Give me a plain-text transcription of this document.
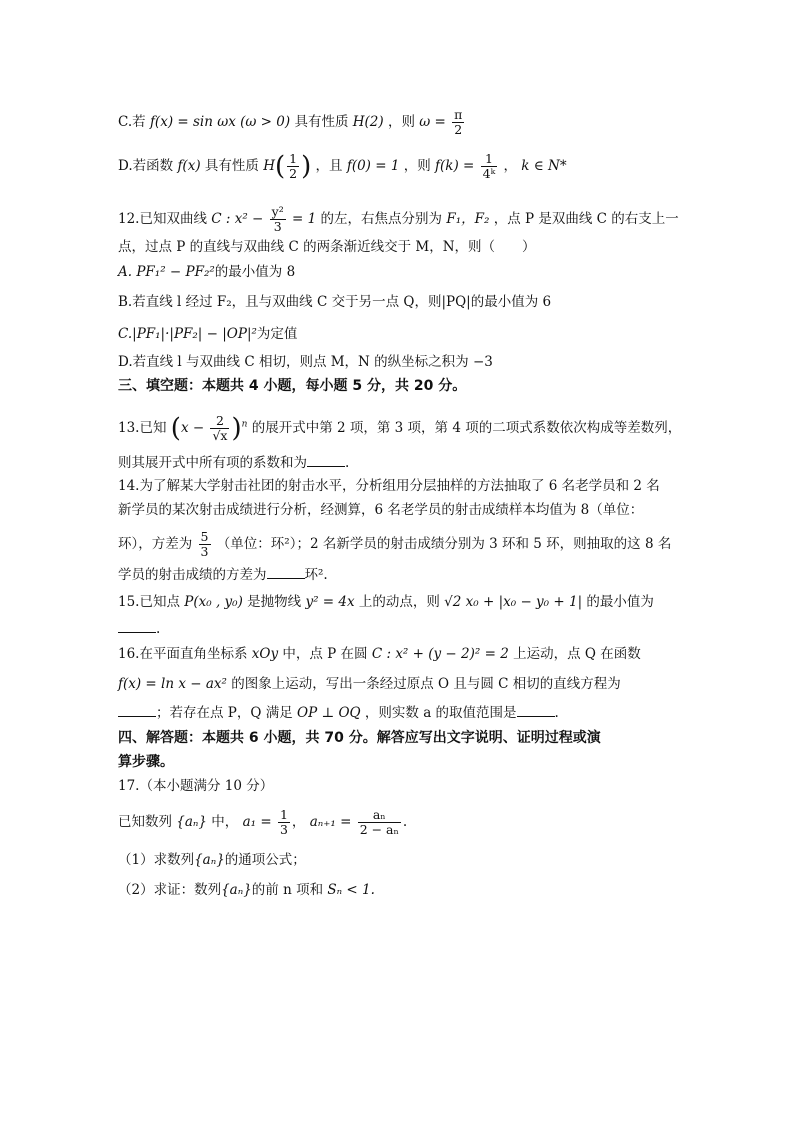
C.若 f(x) = sin ωx (ω > 0) 具有性质 H(2) ，则 $\omega = \frac{\pi}{2}$
D.若函数 f(x) 具有性质 $H( \frac{1}{2}$ ) ，且 f(0) = 1 ，则 $f(k) = \frac{1}{\text{4ᵏ}}$ ， k ∈ N*
12.已知双曲线 C : $x^2 - \frac{\text{y²}}{3} = 1$ 的左，右焦点分别为 F₁，F₂ ，点 P 是双曲线 C 的右支上一
点，过点 P 的直线与双曲线 C 的两条渐近线交于 M，N，则（　　）
A. PF₁² − PF₂²的最小值为 8
B.若直线 l 经过 F₂，且与双曲线 C 交于另一点 Q，则|PQ|的最小值为 6
C.|PF₁|·|PF₂| − |OP|²为定值
D.若直线 l 与双曲线 C 相切，则点 M，N 的纵坐标之积为 −3
三、填空题：本题共 4 小题，每小题 5 分，共 20 分。
13.已知 $(x - \frac{2}{√x} )^n$ 的展开式中第 2 项，第 3 项，第 4 项的二项式系数依次构成等差数列，
则其展开式中所有项的系数和为	.
14.为了解某大学射击社团的射击水平，分析组用分层抽样的方法抽取了 6 名老学员和 2 名
新学员的某次射击成绩进行分析，经测算，6 名老学员的射击成绩样本均值为 8（单位：
环），方差为 $\frac{5}{3}$ （单位：环²）；2 名新学员的射击成绩分别为 3 环和 5 环，则抽取的这 8 名
学员的射击成绩的方差为	环².
15.已知点 P(x₀ , y₀) 是抛物线 y² = 4x 上的动点，则 √2 x₀ + |x₀ − y₀ + 1| 的最小值为
.
16.在平面直角坐标系 xOy 中，点 P 在圆 C : x² + (y − 2)² = 2 上运动，点 Q 在函数
f(x) = ln x − ax² 的图象上运动，写出一条经过原点 O 且与圆 C 相切的直线方程为
；若存在点 P，Q 满足 OP ⊥ OQ ，则实数 a 的取值范围是	.
四、解答题：本题共 6 小题，共 70 分。解答应写出文字说明、证明过程或演
算步骤。
17.（本小题满分 10 分）
已知数列 {aₙ} 中， $a_1 = \frac{1}{3}$ ， $a_{n+1} = \frac{\text{aₙ}}{\text{2 − aₙ}}$ .
（1）求数列{aₙ}的通项公式；
（2）求证：数列{aₙ}的前 n 项和 Sₙ < 1.
